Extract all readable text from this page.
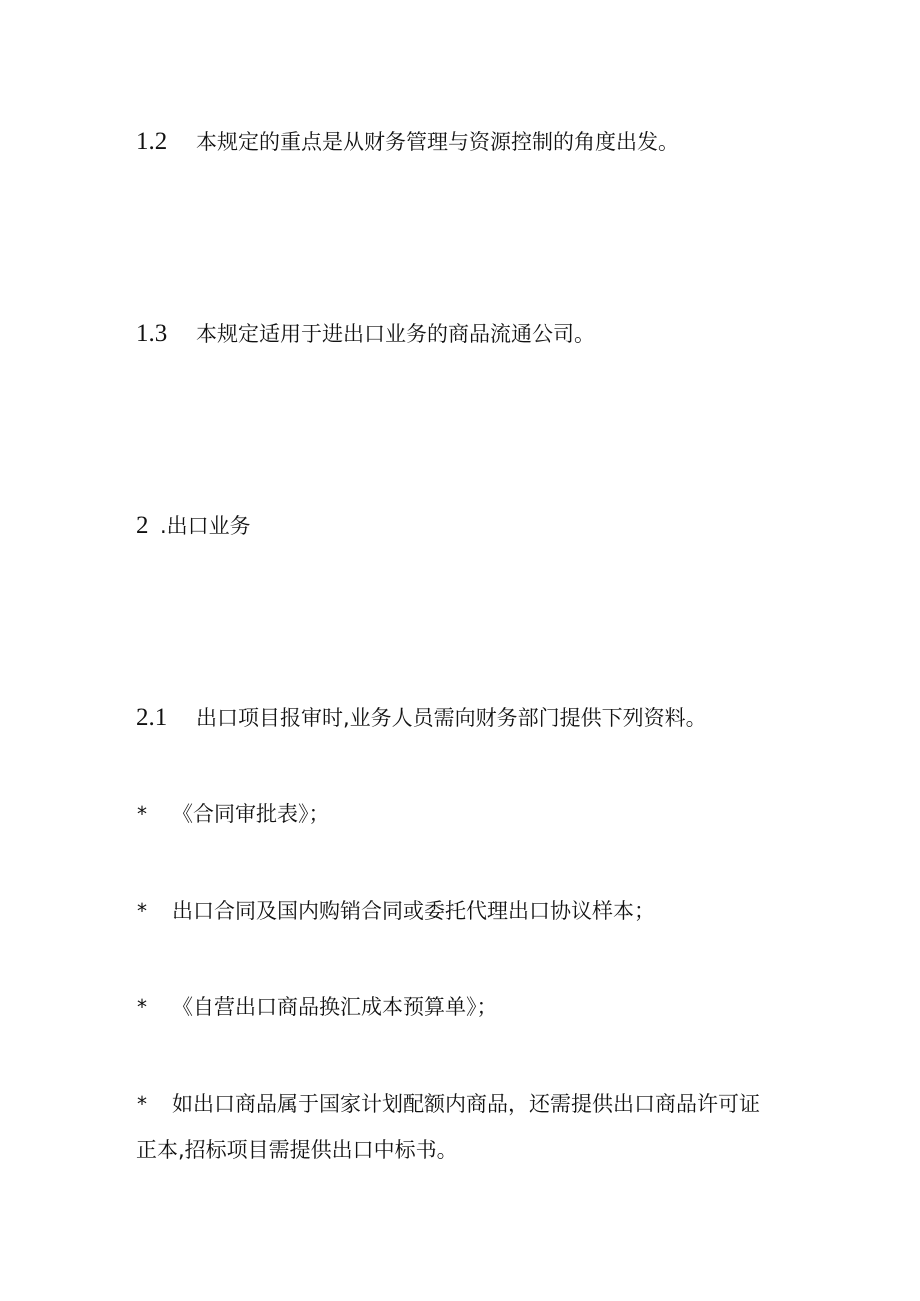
1.2 本规定的重点是从财务管理与资源控制的角度出发。
1.3 本规定适用于进出口业务的商品流通公司。
2 .出口业务
2.1 出口项目报审时,业务人员需向财务部门提供下列资料。
* 《合同审批表》；
* 出口合同及国内购销合同或委托代理出口协议样本；
* 《自营出口商品换汇成本预算单》；
* 如出口商品属于国家计划配额内商品，还需提供出口商品许可证
正本,招标项目需提供出口中标书。
